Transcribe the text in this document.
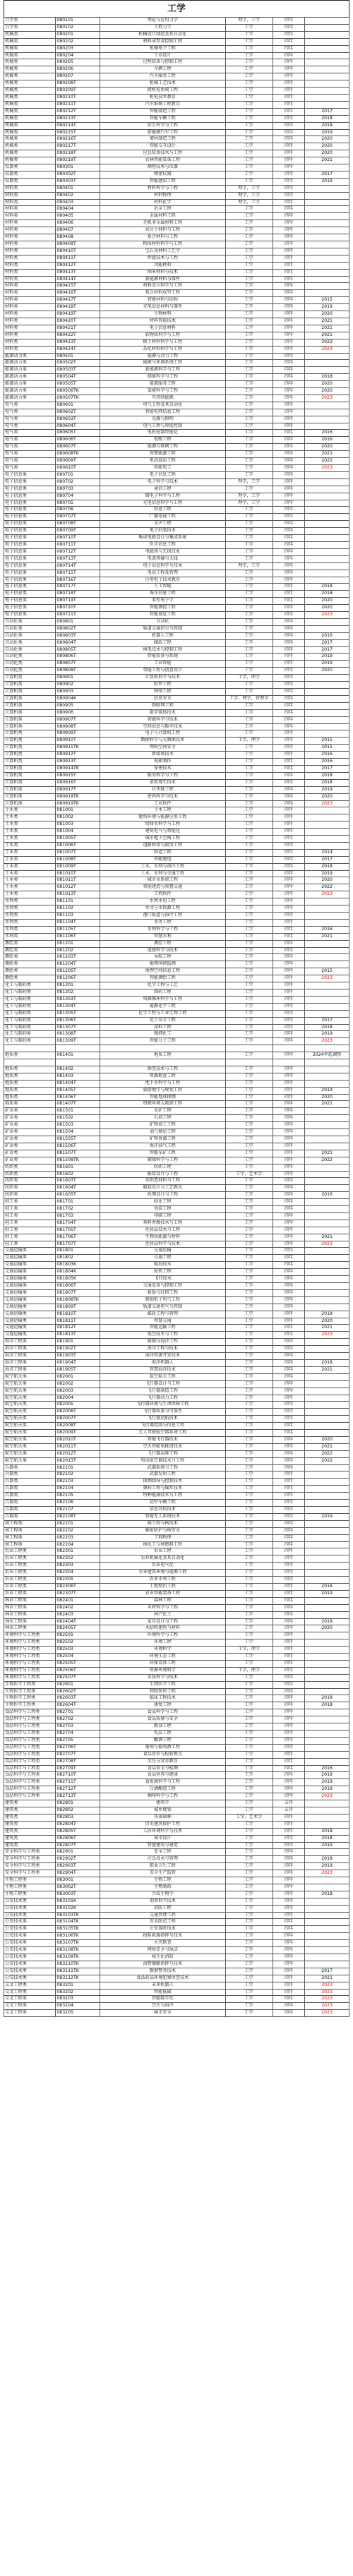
工学
力学类	080101	理论与应用力学	理学，工学	四年	
力学类	080102	工程力学	工学	四年	
机械类	080201	机械设计制造及其自动化	工学	四年	
机械类	080202	材料成型及控制工程	工学	四年	
机械类	080203	机械电子工程	工学	四年	
机械类	080204	工业设计	工学	四年	
机械类	080205	过程装备与控制工程	工学	四年	
机械类	080206	车辆工程	工学	四年	
机械类	080207	汽车服务工程	工学	四年	
机械类	080208T	机械工艺技术	工学	四年	
机械类	080209T	微机电系统工程	工学	四年	
机械类	080210T	机电技术教育	工学	四年	
机械类	080211T	汽车维修工程教育	工学	四年	
机械类	080212T	智能制造工程	工学	四年	2017
机械类	080213T	智能车辆工程	工学	四年	2018
机械类	080214T	仿生科学与工程	工学	四年	2018
机械类	080215T	新能源汽车工程	工学	四年	2019
机械类	080216T	增材制造工程	工学	四年	2020
机械类	080217T	智能交互设计	工学	四年	2020
机械类	080218T	应急装备技术与工程	工学	四年	2020
机械类	080219T	农林智能装备工程	工学	四年	2021
仪器类	080301	测控技术与仪器	工学	四年	
仪器类	080302T	精密仪器	工学	四年	2017
仪器类	080303T	智能感知工程	工学	四年	2019
材料类	080401	材料科学与工程	理学，工学	四年	
材料类	080402	材料物理	理学，工学	四年	
材料类	080403	材料化学	理学，工学	四年	
材料类	080404	冶金工程	工学	四年	
材料类	080405	金属材料工程	工学	四年	
材料类	080406	无机非金属材料工程	工学	四年	
材料类	080407	高分子材料与工程	工学	四年	
材料类	080408	复合材料与工程	工学	四年	
材料类	080409T	粉体材料科学与工程	工学	四年	
材料类	080410T	宝石及材料工艺学	工学	四年	
材料类	080411T	焊接技术与工程	工学	四年	
材料类	080412T	功能材料	工学	四年	
材料类	080413T	纳米材料与技术	工学	四年	
材料类	080414T	新能源材料与器件	工学	四年	
材料类	080415T	材料设计科学与工程	工学	四年	
材料类	080416T	复合材料成型工程	工学	四年	
材料类	080417T	智能材料与结构	工学	四年	2015
材料类	080418T	光电信息材料与器件	工学	四年	2019
材料类	080419T	生物材料	工学	四年	2020
材料类	080420T	材料智能技术	工学	四年	2021
材料类	080421T	电子信息材料	工学	四年	2021
材料类	080422T	软物质科学与工程	工学	四年	2021
材料类	080423T	稀土材料科学与工程	工学	四年	2022
材料类	080424T	杂化材料科学与工程	工学	四年	2023
能源动力类	080501	能源与动力工程	工学	四年	
能源动力类	080502T	能源与环境系统工程	工学	四年	
能源动力类	080503T	新能源科学与工程	工学	四年	
能源动力类	080504T	储能科学与工程	工学	四年	2018
能源动力类	080505T	能源服务工程	工学	四年	2020
能源动力类	080506TK	氢能科学与工程	工学	四年	2020
能源动力类	080507TK	可持续能源	工学	四年	2023
电气类	080601	电气工程及其自动化	工学	四年	
电气类	080602T	智能电网信息工程	工学	四年	
电气类	080603T	光源与照明	工学	四年	
电气类	080604T	电气工程与智能控制	工学	四年	
电气类	080605T	电机电器智能化	工学	四年	2016
电气类	080606T	电缆工程	工学	四年	2016
电气类	080607T	能源互联网工程	工学	四年	2020
电气类	080608TK	智慧能源工程	工学	四年	2021
电气类	080609T	电动载运工程	工学	四年	2022
电气类	080610T	智能电工	工学	四年	2023
电子信息类	080701	电子信息工程	工学	四年	
电子信息类	080702	电子科学与技术	理学，工学	四年	
电子信息类	080703	通信工程	工学	四年	
电子信息类	080704	微电子科学与工程	理学，工学	四年	
电子信息类	080705	光电信息科学与工程	理学，工学	四年	
电子信息类	080706	信息工程	工学	四年	
电子信息类	080707T	广播电视工程	工学	四年	
电子信息类	080708T	水声工程	工学	四年	
电子信息类	080709T	电子封装技术	工学	四年	
电子信息类	080710T	集成电路设计与集成系统	工学	四年	
电子信息类	080711T	医学信息工程	工学	四年	
电子信息类	080712T	电磁场与无线技术	工学	四年	
电子信息类	080713T	电波传播与天线	工学	四年	
电子信息类	080714T	电子信息科学与技术	理学，工学	四年	
电子信息类	080715T	电信工程及管理	工学	四年	
电子信息类	080716T	应用电子技术教育	工学	四年	
电子信息类	080717T	人工智能	工学	四年	2018
电子信息类	080718T	海洋信息工程	工学	四年	2018
电子信息类	080719T	柔性电子学	工学	四年	2020
电子信息类	080720T	智能测控工程	工学	四年	2020
电子信息类	080721T	智能视觉工程	工学	四年	2023
自动化类	080801	自动化	工学	四年	
自动化类	080802T	轨道交通信号与控制	工学	四年	
自动化类	080803T	机器人工程	工学	四年	2016
自动化类	080804T	邮政工程	工学	四年	2017
自动化类	080805T	核电技术与控制工程	工学	四年	2017
自动化类	080806T	智能装备与系统	工学	四年	2019
自动化类	080807T	工业智能	工学	四年	2019
自动化类	080808T	智能工程与创意设计	工学	四年	2020
计算机类	080901	计算机科学与技术	工学，理学	四年	
计算机类	080902	软件工程	工学	四年	
计算机类	080903	网络工程	工学	四年	
计算机类	080904K	信息安全	工学，理学，管理学	四年	
计算机类	080905	物联网工程	工学	四年	
计算机类	080906	数字媒体技术	工学	四年	
计算机类	080907T	智能科学与技术	工学	四年	
计算机类	080908T	空间信息与数字技术	工学	四年	
计算机类	080909T	电子与计算机工程	工学	四年	
计算机类	080910T	数据科学与大数据技术	工学，理学	四年	2015
计算机类	080911TK	网络空间安全	工学	四年	2015
计算机类	080912T	新媒体技术	工学	四年	2016
计算机类	080913T	电影制作	工学	四年	2016
计算机类	080914TK	保密技术	工学	四年	2017
计算机类	080915T	服务科学与工程	工学	四年	2018
计算机类	080916T	虚拟现实技术	工学	四年	2018
计算机类	080917T	区块链工程	工学	四年	2019
计算机类	080918TK	密码科学与技术	工学	四年	2020
计算机类	080919TK	工业软件	工学	四年	2023
土木类	081001	土木工程	工学	四年	
土木类	081002	建筑环境与能源应用工程	工学	四年	
土木类	081003	给排水科学与工程	工学	四年	
土木类	081004	建筑电气与智能化	工学	四年	
土木类	081005T	城市地下空间工程	工学	四年	
土木类	081006T	道路桥梁与渡河工程	工学	四年	
土木类	081007T	铁道工程	工学	四年	2014
土木类	081008T	智能建造	工学	四年	2017
土木类	081009T	土木、水利与海洋工程	工学	四年	2018
土木类	081010T	土木、水利与交通工程	工学	四年	2019
土木类	081011T	城市水系统工程	工学	四年	2020
土木类	081012T	智能建造与智慧交通	工学	四年	2022
土木类	081013T	工程软件	工学	四年	2023
水利类	081101	水利水电工程	工学	四年	
水利类	081102	水文与水资源工程	工学	四年	
水利类	081103	港口航道与海岸工程	工学	四年	
水利类	081104T	水务工程	工学	四年	
水利类	081105T	水利科学与工程	工学	四年	2016
水利类	081106T	智慧水利	工学	四年	2021
测绘类	081201	测绘工程	工学	四年	
测绘类	081202	遥感科学与技术	工学	四年	
测绘类	081203T	导航工程	工学	四年	
测绘类	081204T	地理国情监测	工学	四年	
测绘类	081205T	地理空间信息工程	工学	四年	2015
测绘类	081206T	智能测绘工程	工学	四年	2023
化工与制药类	081301	化学工程与工艺	工学	四年	
化工与制药类	081302	制药工程	工学	四年	
化工与制药类	081303T	资源循环科学与工程	工学	四年	
化工与制药类	081304T	能源化学工程	工学	四年	
化工与制药类	081305T	化学工程与工业生物工程	工学	四年	
化工与制药类	081306T	化工安全工程	工学	四年	2017
化工与制药类	081307T	涂料工程	工学	四年	2018
化工与制药类	081308T	精细化工	工学	四年	2019
化工与制药类	081309T	智能分子工程	工学	四年	2023

地质类	081401	地质工程	工学	四年	2024年起调整

地质类	081402	勘查技术与工程	工学	四年	
地质类	081403	资源勘查工程	工学	四年	
地质类	081404T	地下水科学与工程	工学	四年	
地质类	081405T	旅游地学与规划工程	工学	四年	2019
地质类	081406T	智能地球探测	工学	四年	2020
地质类	081407T	资源环境大数据工程	工学	四年	2021
矿业类	081501	采矿工程	工学	四年	
矿业类	081502	石油工程	工学	四年	
矿业类	081503	矿物加工工程	工学	四年	
矿业类	081504	油气储运工程	工学	四年	
矿业类	081505T	矿物资源工程	工学	四年	
矿业类	081506T	海洋油气工程	工学	四年	
矿业类	081507T	智能采矿工程	工学	四年	2021
矿业类	081508TK	碳储科学与工程	工学	四年	2022
纺织类	081601	纺织工程	工学	四年	
纺织类	081602	服装设计与工程	工学，艺术学	四年	
纺织类	081603T	非织造材料与工程	工学	四年	
纺织类	081604T	服装设计与工艺教育	工学	四年	
纺织类	081605T	丝绸设计与工程	工学	四年	2016
轻工类	081701	轻化工程	工学	四年	
轻工类	081702	包装工程	工学	四年	
轻工类	081703	印刷工程	工学	四年	
轻工类	081704T	香料香精技术与工程	工学	四年	
轻工类	081705T	化妆品技术与工程	工学	四年	
轻工类	081706T	生物质能源与材料	工学	四年	2021
轻工类	081707T	化妆品科学与技术	工学	四年	2023
交通运输类	081801	交通运输	工学	四年	
交通运输类	081802	交通工程	工学	四年	
交通运输类	081803K	航海技术	工学	四年	
交通运输类	081804K	轮机工程	工学	四年	
交通运输类	081805K	飞行技术	工学	四年	
交通运输类	081806T	交通设备与控制工程	工学	四年	
交通运输类	081807T	救助与打捞工程	工学	四年	
交通运输类	081808TK	船舶电子电气工程	工学	四年	
交通运输类	081809T	轨道交通电气与控制	工学	四年	
交通运输类	081810T	邮轮工程与管理	工学	四年	2018
交通运输类	081811T	智慧交通	工学	四年	2020
交通运输类	081812T	智能运输工程	工学	四年	2021
交通运输类	081813T	低空技术与工程	工学	四年	2023
海洋工程类	081901	船舶与海洋工程	工学	四年	
海洋工程类	081902T	海洋工程与技术	工学	四年	
海洋工程类	081903T	海洋资源开发技术	工学	四年	
海洋工程类	081904T	海洋机器人	工学	四年	2018
海洋工程类	081905T	智慧海洋技术	工学	四年	2021
航空航天类	082001	航空航天工程	工学	四年	
航空航天类	082002	飞行器设计与工程	工学	四年	
航空航天类	082003	飞行器制造工程	工学	四年	
航空航天类	082004	飞行器动力工程	工学	四年	
航空航天类	082005	飞行器环境与生命保障工程	工学	四年	
航空航天类	082006T	飞行器质量与可靠性	工学	四年	
航空航天类	082007T	飞行器适航技术	工学	四年	
航空航天类	082008T	飞行器控制与信息工程	工学	四年	
航空航天类	082009T	无人驾驶航空器系统工程	工学	四年	
航空航天类	082010T	智能飞行器技术	工学	四年	2020
航空航天类	082011T	空天智能电推进技术	工学	四年	2021
航空航天类	082012T	飞行器运维工程	工学	四年	2022
航空航天类	082013T	电动航空器技术与工程	工学	四年	2022
兵器类	082101	武器系统与工程	工学	四年	
兵器类	082102	武器发射工程	工学	四年	
兵器类	082103	探测制导与控制技术	工学	四年	
兵器类	082104	弹药工程与爆炸技术	工学	四年	
兵器类	082105	特种能源技术与工程	工学	四年	
兵器类	082106	装甲车辆工程	工学	四年	
兵器类	082107	信息对抗技术	工学	四年	
兵器类	082108T	智能无人系统技术	工学	四年	2019
核工程类	082201	核工程与核技术	工学	四年	
核工程类	082202	辐射防护与核安全	工学	四年	
核工程类	082203	工程物理	工学	四年	
核工程类	082204	核化工与核燃料工程	工学	四年	
农业工程类	082301	农业工程	工学	四年	
农业工程类	082302	农业机械化及其自动化	工学	四年	
农业工程类	082303	农业电气化	工学	四年	
农业工程类	082304	农业建筑环境与能源工程	工学	四年	
农业工程类	082305	农业水利工程	工学	四年	
农业工程类	082306T	土地整治工程	工学	四年	2016
农业工程类	082307T	农业智能装备工程	工学	四年	2019
林业工程类	082401	森林工程	工学	四年	
林业工程类	082402	木材科学与工程	工学	四年	
林业工程类	082403	林产化工	工学	四年	
林业工程类	082404T	家具设计与工程	工学	四年	2018
林业工程类	082405T	木结构建筑与材料	工学	四年	2020
环境科学与工程类	082501	环境科学与工程	工学	四年	
环境科学与工程类	082502	环境工程	工学	四年	
环境科学与工程类	082503	环境科学	工学，理学	四年	
环境科学与工程类	082504	环境生态工程	工学	四年	
环境科学与工程类	082505T	环保设备工程	工学	四年	
环境科学与工程类	082506T	资源环境科学	工学，理学	四年	
环境科学与工程类	082507T	水质科学与技术	工学	四年	
生物医学工程类	082601	生物医学工程	工学	四年	
生物医学工程类	082602T	假肢矫形工程	工学	四年	
生物医学工程类	082603T	临床工程技术	工学	四年	2018
生物医学工程类	082604T	康复工程	工学	四年	2018
食品科学与工程类	082701	食品科学与工程	工学	四年	
食品科学与工程类	082702	食品质量与安全	工学	四年	
食品科学与工程类	082703	粮食工程	工学	四年	
食品科学与工程类	082704	乳品工程	工学	四年	
食品科学与工程类	082705	酿酒工程	工学	四年	
食品科学与工程类	082706T	葡萄与葡萄酒工程	工学	四年	
食品科学与工程类	082707T	食品营养与检验教育	工学	四年	
食品科学与工程类	082708T	烹饪与营养教育	工学	四年	
食品科学与工程类	082709T	食品安全与检测	工学	四年	2016
食品科学与工程类	082710T	食品营养与健康	工学	四年	2019
食品科学与工程类	082711T	食用菌科学与工程	工学	四年	2019
食品科学与工程类	082712T	白酒酿造工程	工学	四年	2019
食品科学与工程类	082713T	咖啡科学与工程	工学	四年	2023
建筑类	082801	建筑学	工学	五年	
建筑类	082802	城乡规划	工学	五年	
建筑类	082803	风景园林	工学，艺术学	四年	
建筑类	082804T	历史建筑保护工程	工学	四年	
建筑类	082805T	人居环境科学与技术	工学	四年	2018
建筑类	082806T	城市设计	工学	四年	2018
建筑类	082807T	智慧建筑与建造	工学	四年	2019
安全科学与工程类	082901	安全工程	工学	四年	
安全科学与工程类	082902T	应急技术与管理	工学	四年	2018
安全科学与工程类	082903T	职业卫生工程	工学	四年	2019
安全科学与工程类	082904T	安全生产监管	工学	四年	2023
生物工程类	083001	生物工程	工学	四年	
生物工程类	083002T	生物制药	工学	四年	
生物工程类	083003T	合成生物学	工学	四年	2018
公安技术类	083101K	刑事科学技术	工学	四年	
公安技术类	083102K	消防工程	工学	四年	
公安技术类	083103TK	交通管理工程	工学	四年	
公安技术类	083104TK	安全防范工程	工学	四年	
公安技术类	083105TK	公安视听技术	工学	四年	
公安技术类	083106TK	抢险救援指挥与技术	工学	四年	
公安技术类	083107TK	火灾勘查	工学	四年	
公安技术类	083108TK	网络安全与执法	工学	四年	
公安技术类	083109TK	核生化消防	工学	四年	
公安技术类	083110TK	海警舰艇指挥与技术	工学	四年	
公安技术类	083111TK	数据警务技术	工学	四年	2017
公安技术类	083112TK	食品药品环境犯罪侦查技术	工学	四年	2021
交叉工程类	083201	未来机器人	工学	四年	2023
交叉工程类	083202	智能低碳	工学	四年	2023
交叉工程类	083203	智能数字化	工学	四年	2023
交叉工程类	083204	空天与海洋	工学	四年	2023
交叉工程类	083205	城市安全	工学	四年	2023
